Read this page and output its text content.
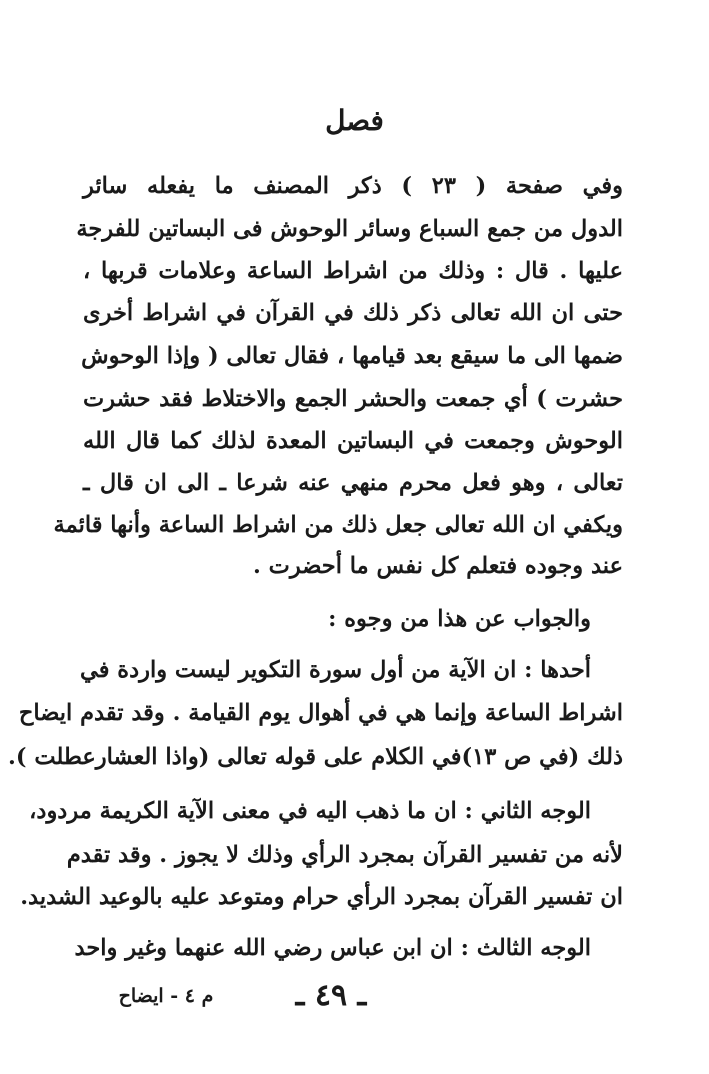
فصل
وفي صفحة ( ٢٣ ) ذكر المصنف ما يفعله سائر
الدول من جمع السباع وسائر الوحوش فى البساتين للفرجة
عليها . قال : وذلك من اشراط الساعة وعلامات قربها ،
حتى ان الله تعالى ذكر ذلك في القرآن في اشراط أخرى
ضمها الى ما سيقع بعد قيامها ، فقال تعالى ( وإذا الوحوش
حشرت ) أي جمعت والحشر الجمع والاختلاط فقد حشرت
الوحوش وجمعت في البساتين المعدة لذلك كما قال الله
تعالى ، وهو فعل محرم منهي عنه شرعا ـ الى ان قال ـ
ويكفي ان الله تعالى جعل ذلك من اشراط الساعة وأنها قائمة
عند وجوده فتعلم كل نفس ما أحضرت .
والجواب عن هذا من وجوه :
أحدها : ان الآية من أول سورة التكوير ليست واردة في
اشراط الساعة وإنما هي في أهوال يوم القيامة . وقد تقدم ايضاح
ذلك (في ص ١٣)في الكلام على قوله تعالى (واذا العشارعطلت ).
الوجه الثاني : ان ما ذهب اليه في معنى الآية الكريمة مردود،
لأنه من تفسير القرآن بمجرد الرأي وذلك لا يجوز . وقد تقدم
ان تفسير القرآن بمجرد الرأي حرام ومتوعد عليه بالوعيد الشديد.
الوجه الثالث : ان ابن عباس رضي الله عنهما وغير واحد
ـ ٤٩ ـ
م ٤ - ايضاح
